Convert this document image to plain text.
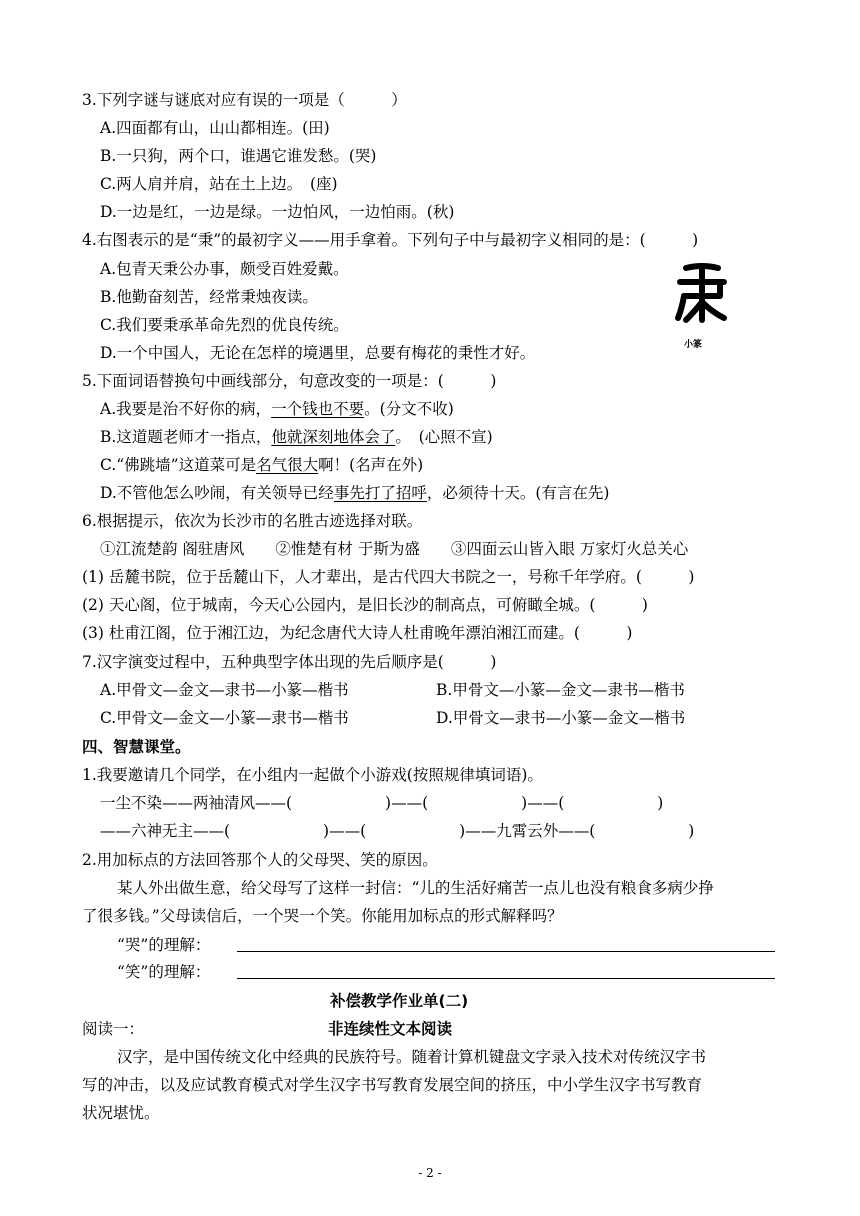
3.下列字谜与谜底对应有误的一项是（　　　）
A.四面都有山，山山都相连。(田)
B.一只狗，两个口，谁遇它谁发愁。(哭)
C.两人肩并肩，站在土上边。　(座)
D.一边是红，一边是绿。一边怕风，一边怕雨。(秋)
4.右图表示的是“秉”的最初字义——用手拿着。下列句子中与最初字义相同的是：(　　　)
A.包青天秉公办事，颇受百姓爱戴。
B.他勤奋刻苦，经常秉烛夜读。
C.我们要秉承革命先烈的优良传统。
D.一个中国人，无论在怎样的境遇里，总要有梅花的秉性才好。	小篆
5.下面词语替换句中画线部分，句意改变的一项是：(　　　)
A.我要是治不好你的病，一个钱也不要。(分文不收)
B.这道题老师才一指点，他就深刻地体会了。　(心照不宣)
C.“佛跳墙”这道菜可是名气很大啊！(名声在外)
D.不管他怎么吵闹，有关领导已经事先打了招呼，必须待十天。(有言在先)
6.根据提示，依次为长沙市的名胜古迹选择对联。
①江流楚韵 阁驻唐风　　②惟楚有材 于斯为盛　　③四面云山皆入眼 万家灯火总关心
(1) 岳麓书院，位于岳麓山下，人才辈出，是古代四大书院之一，号称千年学府。(　　　)
(2) 天心阁，位于城南，今天心公园内，是旧长沙的制高点，可俯瞰全城。(　　　)
(3) 杜甫江阁，位于湘江边，为纪念唐代大诗人杜甫晚年漂泊湘江而建。(　　　)
7.汉字演变过程中，五种典型字体出现的先后顺序是(　　　)
A.甲骨文—金文—隶书—小篆—楷书	B.甲骨文—小篆—金文—隶书—楷书
C.甲骨文—金文—小篆—隶书—楷书	D.甲骨文—隶书—小篆—金文—楷书
四、智慧课堂。
1.我要邀请几个同学，在小组内一起做个小游戏(按照规律填词语)。
一尘不染——两袖清风——(　　　　　　)——(　　　　　　)——(　　　　　　)
——六神无主——(　　　　　　)——(　　　　　　)——九霄云外——(　　　　　　)
2.用加标点的方法回答那个人的父母哭、笑的原因。
某人外出做生意，给父母写了这样一封信：“儿的生活好痛苦一点儿也没有粮食多病少挣
了很多钱。”父母读信后，一个哭一个笑。你能用加标点的形式解释吗？
“哭”的理解：
“笑”的理解：
补偿教学作业单(二)
阅读一：	非连续性文本阅读
汉字，是中国传统文化中经典的民族符号。随着计算机键盘文字录入技术对传统汉字书
写的冲击，以及应试教育模式对学生汉字书写教育发展空间的挤压，中小学生汉字书写教育
状况堪忧。
- 2 -
